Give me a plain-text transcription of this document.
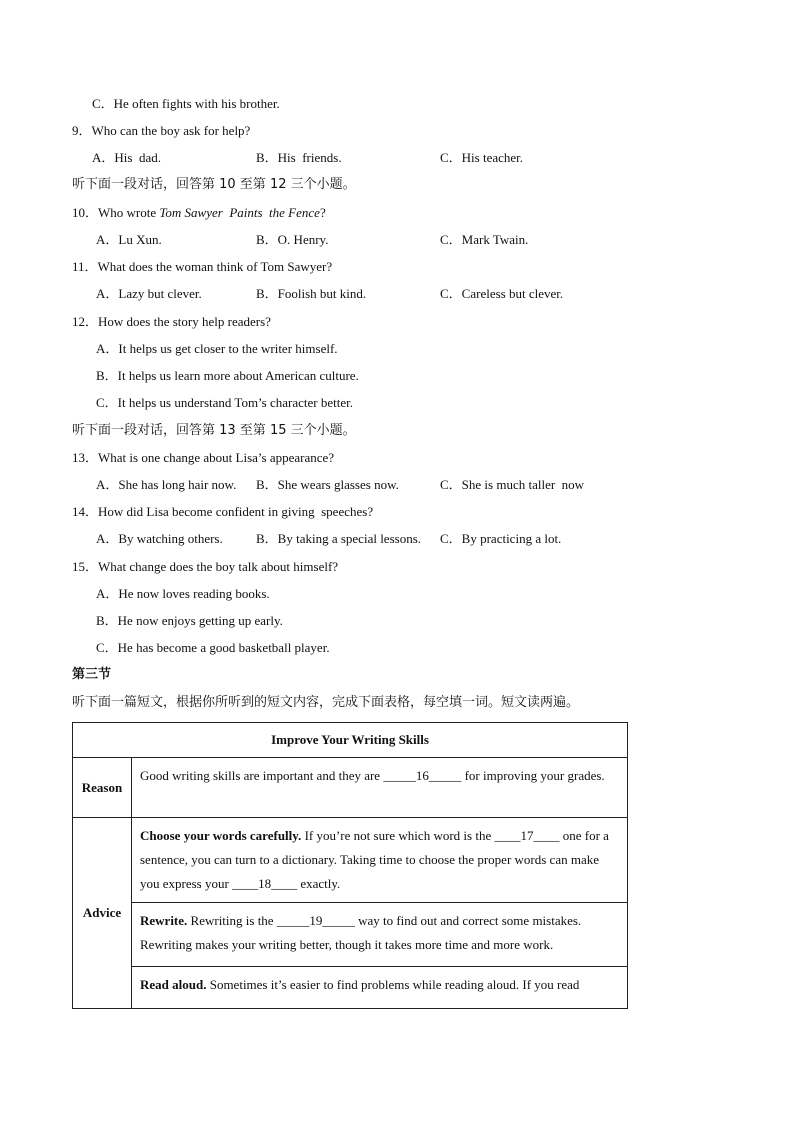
C．He often fights with his brother.
9．Who can the boy ask for help?
A．His  dad.	B．His  friends.	C．His teacher.
听下面一段对话，回答第 10 至第 12 三个小题。
10．Who wrote Tom Sawyer  Paints  the Fence?
A．Lu Xun.	B．O. Henry.	C．Mark Twain.
11．What does the woman think of Tom Sawyer?
A．Lazy but clever.	B．Foolish but kind.	C．Careless but clever.
12．How does the story help readers?
A．It helps us get closer to the writer himself.
B．It helps us learn more about American culture.
C．It helps us understand Tom’s character better.
听下面一段对话，回答第 13 至第 15 三个小题。
13．What is one change about Lisa’s appearance?
A．She has long hair now. B．She wears glasses now.	C．She is much taller  now
14．How did Lisa become confident in giving  speeches?
A．By watching others.	B．By taking a special lessons. C．By practicing a lot.
15．What change does the boy talk about himself?
A．He now loves reading books.
B．He now enjoys getting up early.
C．He has become a good basketball player.
第三节
听下面一篇短文，根据你所听到的短文内容，完成下面表格，每空填一词。短文读两遍。
Improve Your Writing Skills	
Reason	Good writing skills are important and they are _____16_____ for improving your grades.

Advice	Choose your words carefully. If you’re not sure which word is the ____17____ one for a sentence, you can turn to a dictionary. Taking time to choose the proper words can make you express your ____18____ exactly.

	Rewrite. Rewriting is the _____19_____ way to find out and correct some mistakes. Rewriting makes your writing better, though it takes more time and more work.

	Read aloud. Sometimes it’s easier to find problems while reading aloud. If you read
